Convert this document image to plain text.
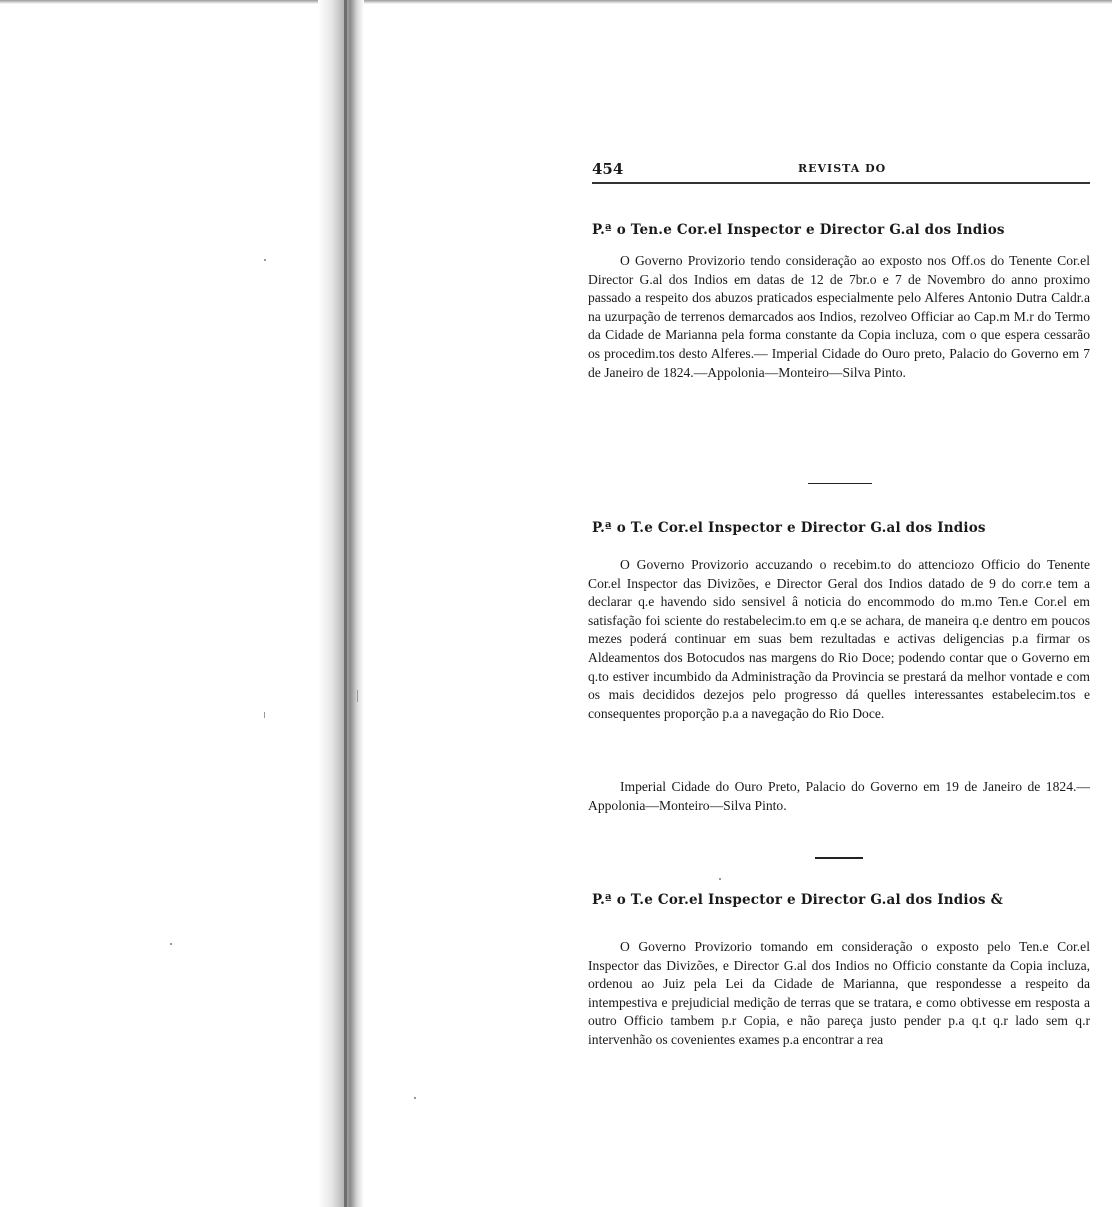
454	REVISTA DO
P.ª o Ten.e Cor.el Inspector e Director G.al dos Indios

O Governo Provizorio tendo consideração ao exposto nos Off.os do Tenente Cor.el Director G.al dos Indios em datas de 12 de 7br.o e 7 de Novembro do anno proximo passado a respeito dos abuzos praticados especialmente pelo Alferes Antonio Dutra Caldr.a na uzurpação de terrenos demarcados aos Indios, rezolveo Officiar ao Cap.m M.r do Termo da Cidade de Marianna pela forma constante da Copia incluza, com o que espera cessarão os procedim.tos desto Alferes.— Imperial Cidade do Ouro preto, Palacio do Governo em 7 de Janeiro de 1824.—Appolonia—Monteiro—Silva Pinto.

P.ª o T.e Cor.el Inspector e Director G.al dos Indios

O Governo Provizorio accuzando o recebim.to do attenciozo Officio do Tenente Cor.el Inspector das Divizões, e Director Geral dos Indios datado de 9 do corr.e tem a declarar q.e havendo sido sensivel â noticia do encommodo do m.mo Ten.e Cor.el em satisfação foi sciente do restabelecim.to em q.e se achara, de maneira q.e dentro em poucos mezes poderá continuar em suas bem rezultadas e activas deligencias p.a firmar os Aldeamentos dos Botocudos nas margens do Rio Doce; podendo contar que o Governo em q.to estiver incumbido da Administração da Provincia se prestará da melhor vontade e com os mais decididos dezejos pelo progresso dá quelles interessantes estabelecim.tos e consequentes proporção p.a a navegação do Rio Doce.

Imperial Cidade do Ouro Preto, Palacio do Governo em 19 de Janeiro de 1824.—Appolonia—Monteiro—Silva Pinto.

P.ª o T.e Cor.el Inspector e Director G.al dos Indios &

O Governo Provizorio tomando em consideração o exposto pelo Ten.e Cor.el Inspector das Divizões, e Director G.al dos Indios no Officio constante da Copia incluza, ordenou ao Juiz pela Lei da Cidade de Marianna, que respondesse a respeito da intempestiva e prejudicial medição de terras que se tratara, e como obtivesse em resposta a outro Officio tambem p.r Copia, e não pareça justo pender p.a q.t q.r lado sem q.r intervenhão os covenientes exames p.a encontrar a rea
